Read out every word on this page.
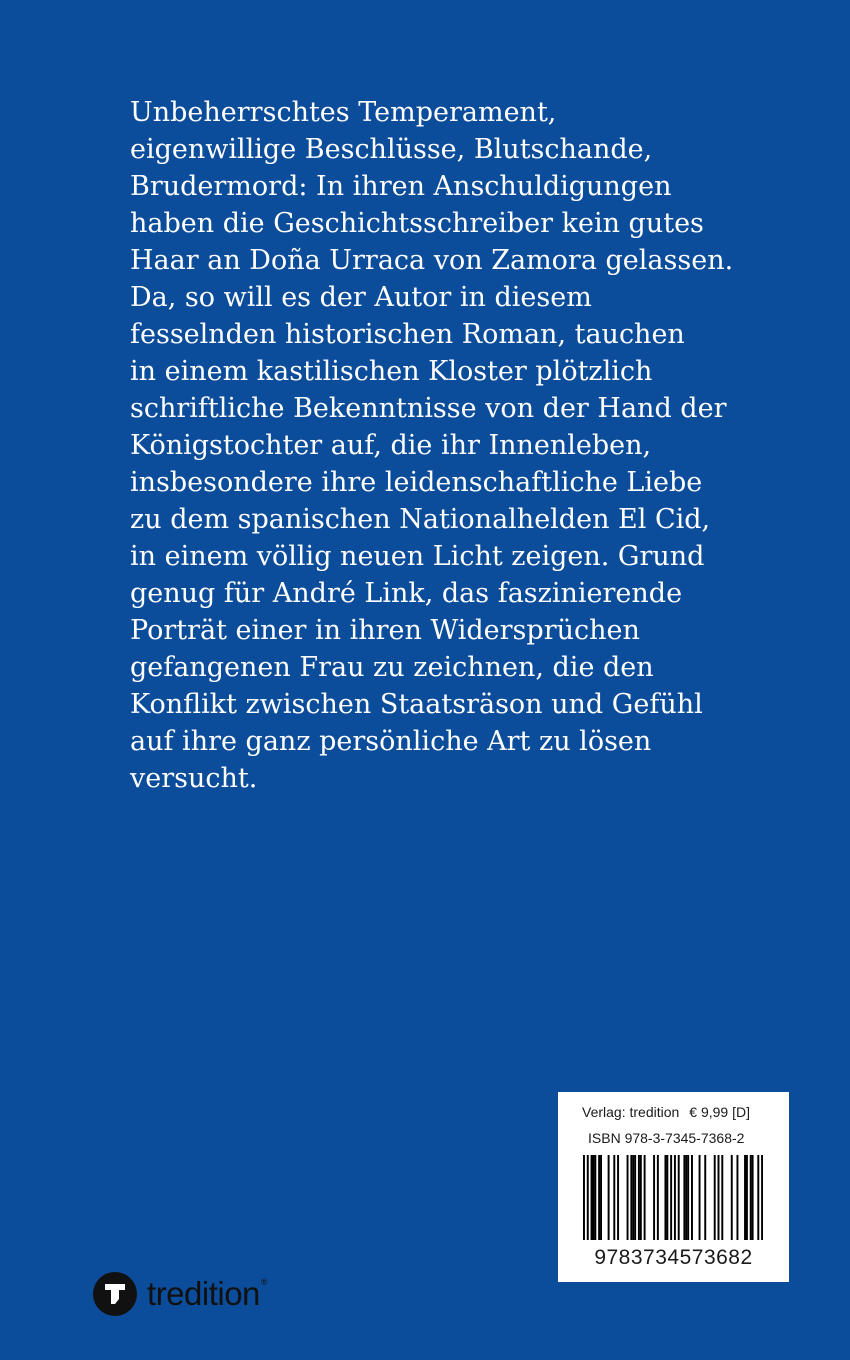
Unbeherrschtes Temperament,
eigenwillige Beschlüsse, Blutschande,
Brudermord: In ihren Anschuldigungen
haben die Geschichtsschreiber kein gutes
Haar an Doña Urraca von Zamora gelassen.
Da, so will es der Autor in diesem
fesselnden historischen Roman, tauchen
in einem kastilischen Kloster plötzlich
schriftliche Bekenntnisse von der Hand der
Königstochter auf, die ihr Innenleben,
insbesondere ihre leidenschaftliche Liebe
zu dem spanischen Nationalhelden El Cid,
in einem völlig neuen Licht zeigen. Grund
genug für André Link, das faszinierende
Porträt einer in ihren Widersprüchen
gefangenen Frau zu zeichnen, die den
Konflikt zwischen Staatsräson und Gefühl
auf ihre ganz persönliche Art zu lösen
versucht.

Verlag: tredition € 9,99 [D]
ISBN 978-3-7345-7368-2
9783734573682
tredition ®
